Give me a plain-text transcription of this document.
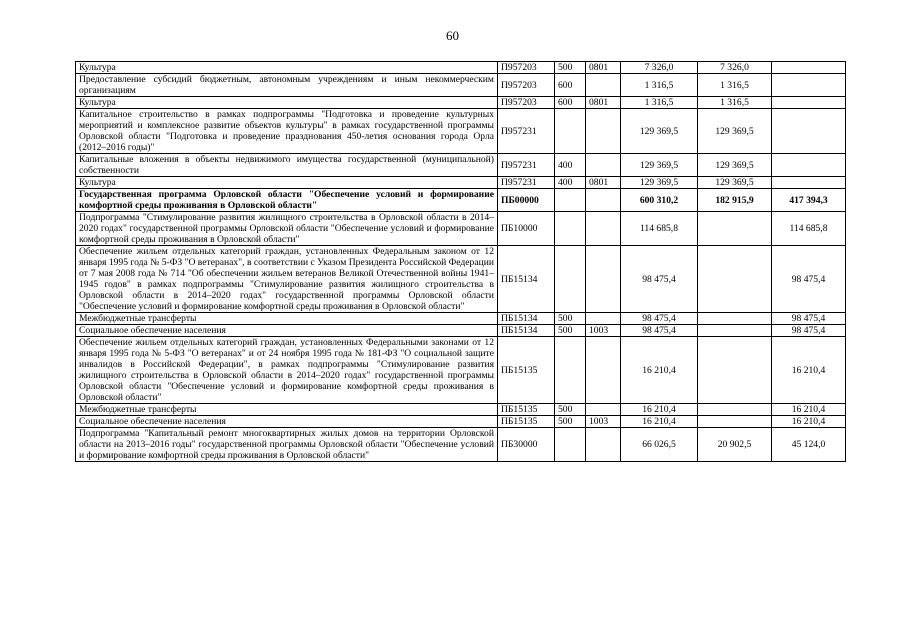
60
Культура	П957203	500	0801	7 326,0	7 326,0	
Предоставление субсидий бюджетным, автономным учреждениям и иным некоммерческим организациям	П957203	600		1 316,5	1 316,5	
Культура	П957203	600	0801	1 316,5	1 316,5	
Капитальное строительство в рамках подпрограммы "Подготовка и проведение культурных мероприятий и комплексное развитие объектов культуры" в рамках государственной программы Орловской области "Подготовка и проведение празднования 450-летия основания города Орла (2012–2016 годы)"	П957231			129 369,5	129 369,5	
Капитальные вложения в объекты недвижимого имущества государственной (муниципальной) собственности	П957231	400		129 369,5	129 369,5	
Культура	П957231	400	0801	129 369,5	129 369,5	
Государственная программа Орловской области "Обеспечение условий и формирование комфортной среды проживания в Орловской области"	ПБ00000			600 310,2	182 915,9	417 394,3
Подпрограмма "Стимулирование развития жилищного строительства в Орловской области в 2014–2020 годах" государственной программы Орловской области "Обеспечение условий и формирование комфортной среды проживания в Орловской области"	ПБ10000			114 685,8		114 685,8
Обеспечение жильем отдельных категорий граждан, установленных Федеральным законом от 12 января 1995 года № 5-ФЗ "О ветеранах", в соответствии с Указом Президента Российской Федерации от 7 мая 2008 года № 714 "Об обеспечении жильем ветеранов Великой Отечественной войны 1941–1945 годов" в рамках подпрограммы "Стимулирование развития жилищного строительства в Орловской области в 2014–2020 годах" государственной программы Орловской области "Обеспечение условий и формирование комфортной среды проживания в Орловской области"	ПБ15134			98 475,4		98 475,4
Межбюджетные трансферты	ПБ15134	500		98 475,4		98 475,4
Социальное обеспечение населения	ПБ15134	500	1003	98 475,4		98 475,4
Обеспечение жильем отдельных категорий граждан, установленных Федеральными законами от 12 января 1995 года № 5-ФЗ "О ветеранах" и от 24 ноября 1995 года № 181-ФЗ "О социальной защите инвалидов в Российской Федерации", в рамках подпрограммы "Стимулирование развития жилищного строительства в Орловской области в 2014–2020 годах" государственной программы Орловской области "Обеспечение условий и формирование комфортной среды проживания в Орловской области"	ПБ15135			16 210,4		16 210,4
Межбюджетные трансферты	ПБ15135	500		16 210,4		16 210,4
Социальное обеспечение населения	ПБ15135	500	1003	16 210,4		16 210,4
Подпрограмма "Капитальный ремонт многоквартирных жилых домов на территории Орловской области на 2013–2016 годы" государственной программы Орловской области "Обеспечение условий и формирование комфортной среды проживания в Орловской области"	ПБ30000			66 026,5	20 902,5	45 124,0
